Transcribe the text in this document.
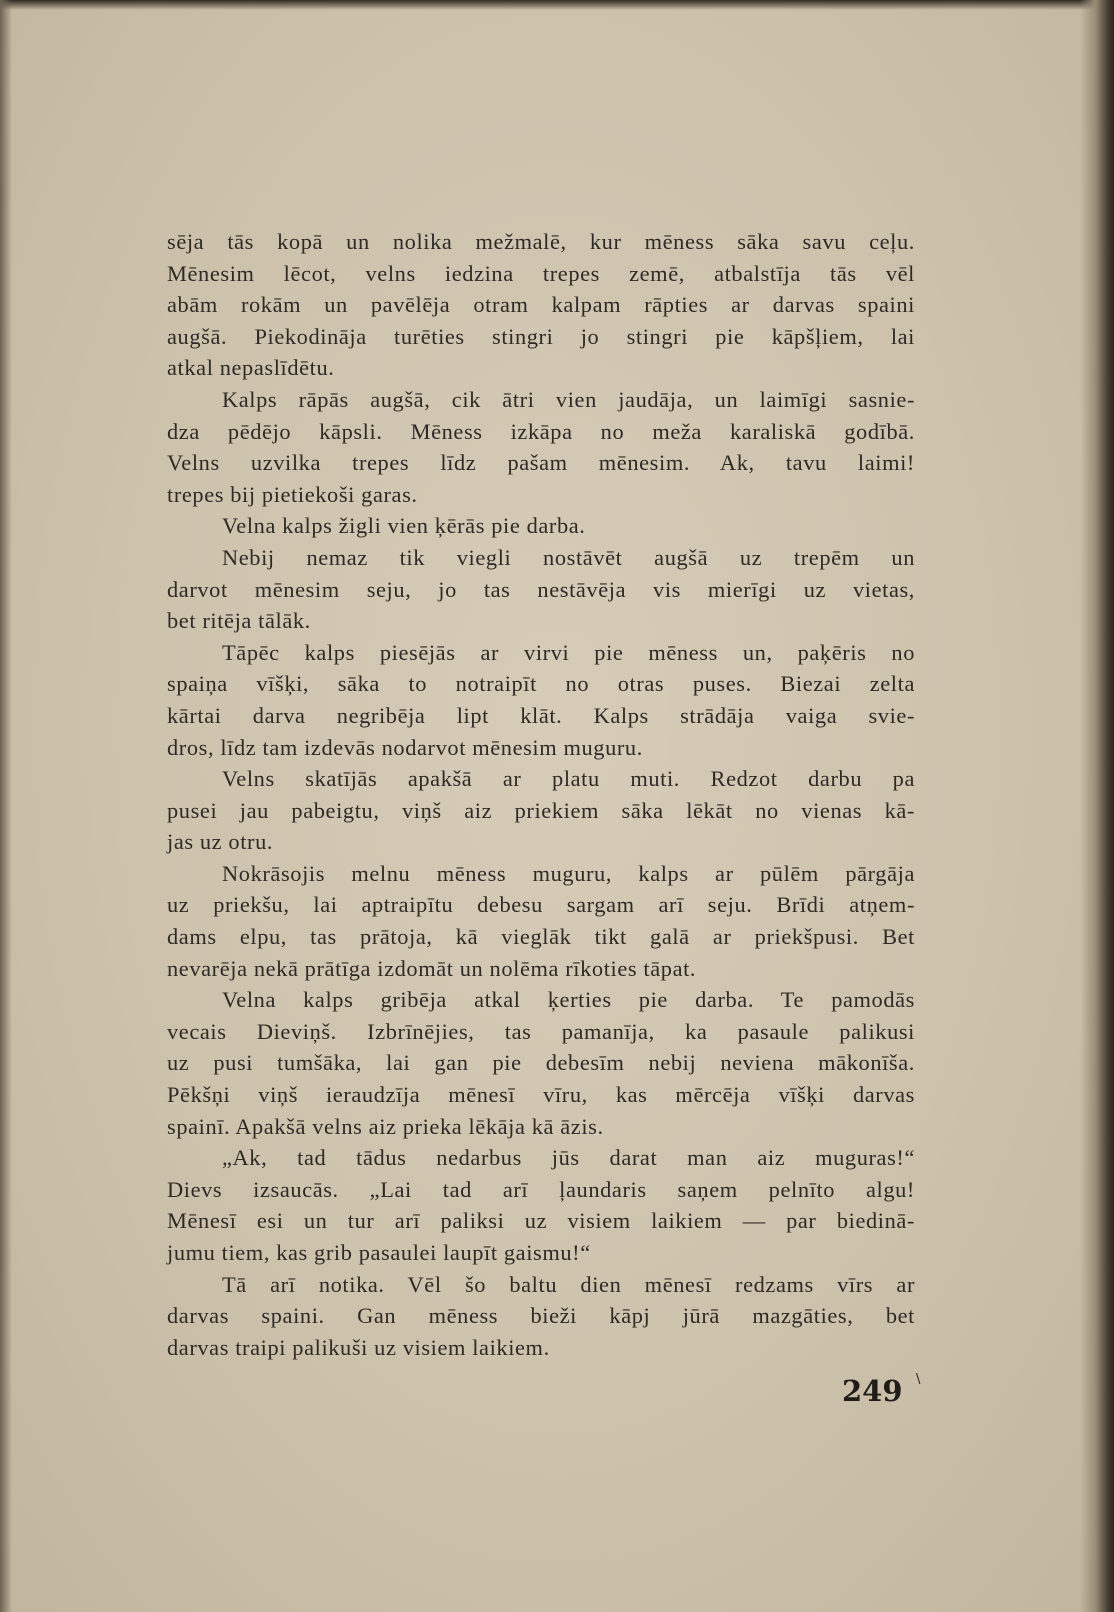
sēja tās kopā un nolika mežmalē, kur mēness sāka savu ceļu.
Mēnesim lēcot, velns iedzina trepes zemē, atbalstīja tās vēl
abām rokām un pavēlēja otram kalpam rāpties ar darvas spaini
augšā. Piekodināja turēties stingri jo stingri pie kāpšļiem, lai
atkal nepaslīdētu.
Kalps rāpās augšā, cik ātri vien jaudāja, un laimīgi sasnie-
dza pēdējo kāpsli. Mēness izkāpa no meža karaliskā godībā.
Velns uzvilka trepes līdz pašam mēnesim. Ak, tavu laimi!
trepes bij pietiekoši garas.
Velna kalps žigli vien ķērās pie darba.
Nebij nemaz tik viegli nostāvēt augšā uz trepēm un
darvot mēnesim seju, jo tas nestāvēja vis mierīgi uz vietas,
bet ritēja tālāk.
Tāpēc kalps piesējās ar virvi pie mēness un, paķēris no
spaiņa vīšķi, sāka to notraipīt no otras puses. Biezai zelta
kārtai darva negribēja lipt klāt. Kalps strādāja vaiga svie-
dros, līdz tam izdevās nodarvot mēnesim muguru.
Velns skatījās apakšā ar platu muti. Redzot darbu pa
pusei jau pabeigtu, viņš aiz priekiem sāka lēkāt no vienas kā-
jas uz otru.
Nokrāsojis melnu mēness muguru, kalps ar pūlēm pārgāja
uz priekšu, lai aptraipītu debesu sargam arī seju. Brīdi atņem-
dams elpu, tas prātoja, kā vieglāk tikt galā ar priekšpusi. Bet
nevarēja nekā prātīga izdomāt un nolēma rīkoties tāpat.
Velna kalps gribēja atkal ķerties pie darba. Te pamodās
vecais Dieviņš. Izbrīnējies, tas pamanīja, ka pasaule palikusi
uz pusi tumšāka, lai gan pie debesīm nebij neviena mākonīša.
Pēkšņi viņš ieraudzīja mēnesī vīru, kas mērcēja vīšķi darvas
spainī. Apakšā velns aiz prieka lēkāja kā āzis.
„Ak, tad tādus nedarbus jūs darat man aiz muguras!“
Dievs izsaucās. „Lai tad arī ļaundaris saņem pelnīto algu!
Mēnesī esi un tur arī paliksi uz visiem laikiem — par biedinā-
jumu tiem, kas grib pasaulei laupīt gaismu!“
Tā arī notika. Vēl šo baltu dien mēnesī redzams vīrs ar
darvas spaini. Gan mēness bieži kāpj jūrā mazgāties, bet
darvas traipi palikuši uz visiem laikiem.
249 \
